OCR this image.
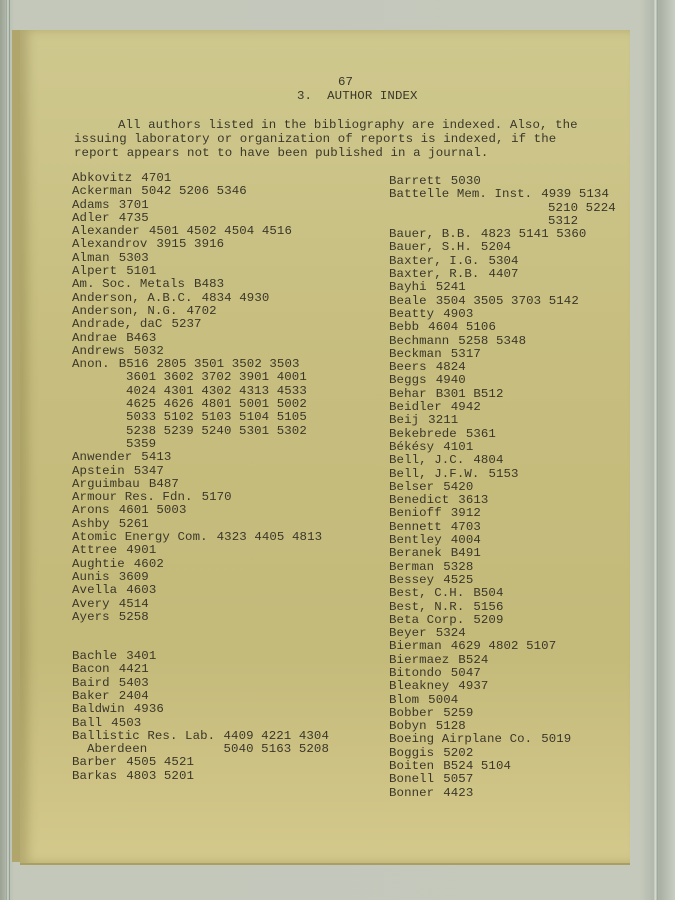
67
3.  AUTHOR INDEX

All authors listed in the bibliography are indexed. Also, the issuing laboratory or organization of reports is indexed, if the report appears not to have been published in a journal.

Abkovitz 4701
Ackerman 5042 5206 5346
Adams 3701
Adler 4735
Alexander 4501 4502 4504 4516
Alexandrov 3915 3916
Alman 5303
Alpert 5101
Am. Soc. Metals B483
Anderson, A.B.C. 4834 4930
Anderson, N.G. 4702
Andrade, daC 5237
Andrae B463
Andrews 5032
Anon. B516 2805 3501 3502 3503
3601 3602 3702 3901 4001
4024 4301 4302 4313 4533
4625 4626 4801 5001 5002
5033 5102 5103 5104 5105
5238 5239 5240 5301 5302
5359
Anwender 5413
Apstein 5347
Arguimbau B487
Armour Res. Fdn. 5170
Arons 4601 5003
Ashby 5261
Atomic Energy Com. 4323 4405 4813
Attree 4901
Aughtie 4602
Aunis 3609
Avella 4603
Avery 4514
Ayers 5258
Bachle 3401
Bacon 4421
Baird 5403
Baker 2404
Baldwin 4936
Ball 4503
Ballistic Res. Lab. 4409 4221 4304
Aberdeen	5040 5163 5208
Barber 4505 4521
Barkas 4803 5201
Barrett 5030
Battelle Mem. Inst. 4939 5134
5210 5224
5312
Bauer, B.B. 4823 5141 5360
Bauer, S.H. 5204
Baxter, I.G. 5304
Baxter, R.B. 4407
Bayhi 5241
Beale 3504 3505 3703 5142
Beatty 4903
Bebb 4604 5106
Bechmann 5258 5348
Beckman 5317
Beers 4824
Beggs 4940
Behar B301 B512
Beidler 4942
Beij 3211
Bekebrede 5361
Békésy 4101
Bell, J.C. 4804
Bell, J.F.W. 5153
Belser 5420
Benedict 3613
Benioff 3912
Bennett 4703
Bentley 4004
Beranek B491
Berman 5328
Bessey 4525
Best, C.H. B504
Best, N.R. 5156
Beta Corp. 5209
Beyer 5324
Bierman 4629 4802 5107
Biermaez B524
Bitondo 5047
Bleakney 4937
Blom 5004
Bobber 5259
Bobyn 5128
Boeing Airplane Co. 5019
Boggis 5202
Boiten B524 5104
Bonell 5057
Bonner 4423
